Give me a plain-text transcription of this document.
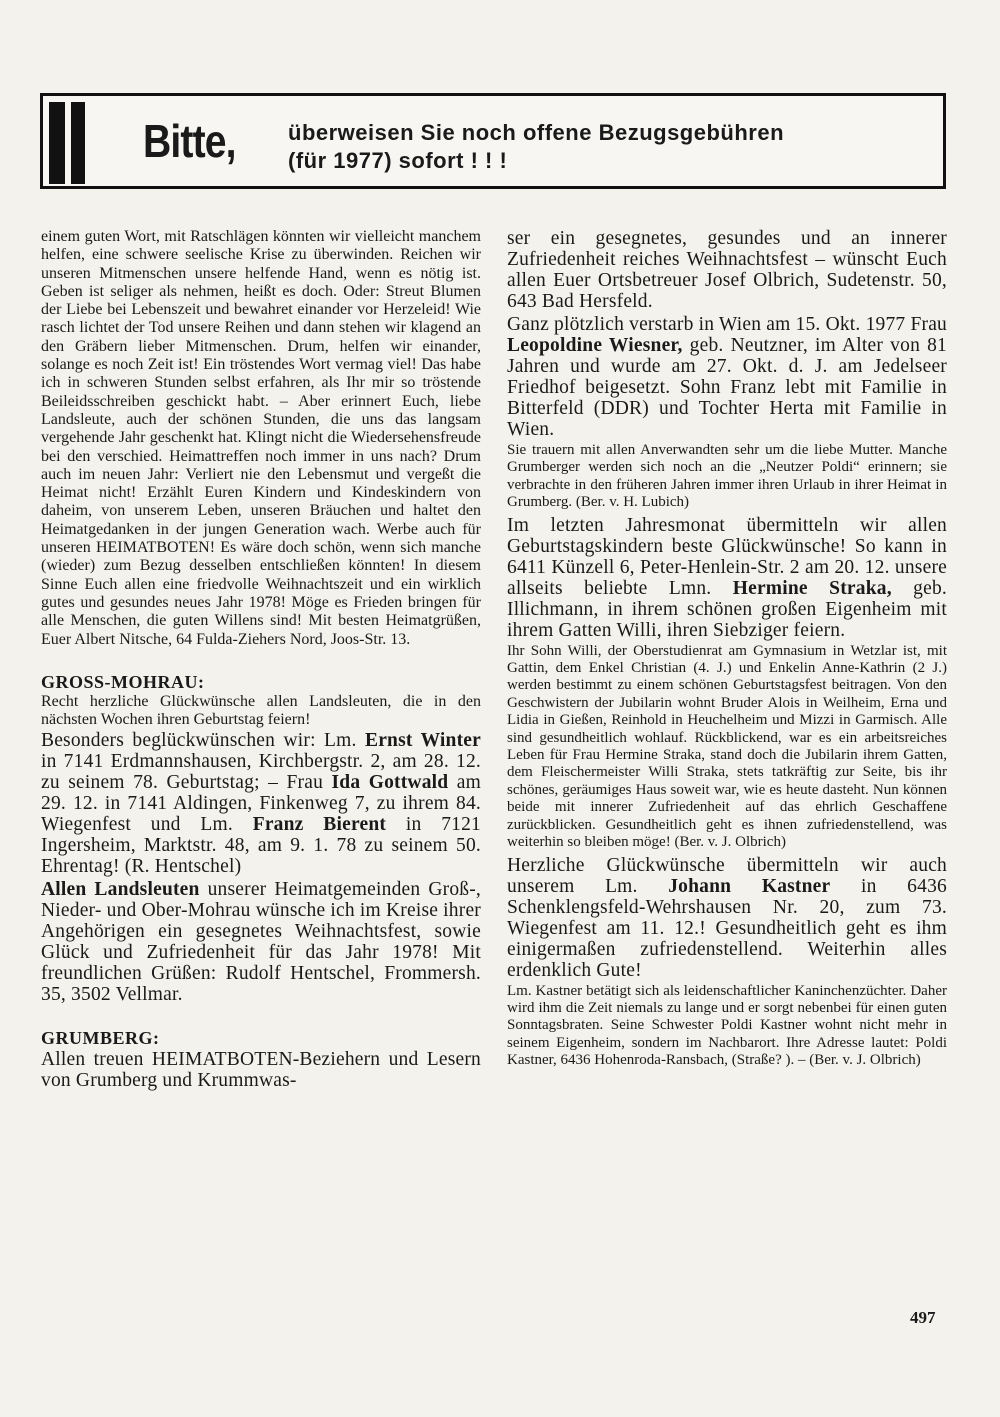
Bitte, überweisen Sie noch offene Bezugsgebühren
(für 1977) sofort ! ! !

einem guten Wort, mit Ratschlägen könnten wir vielleicht manchem helfen, eine schwere seelische Krise zu überwinden. Reichen wir unseren Mitmenschen unsere helfende Hand, wenn es nötig ist. Geben ist seliger als nehmen, heißt es doch. Oder: Streut Blumen der Liebe bei Lebenszeit und bewahret einander vor Herzeleid! Wie rasch lichtet der Tod unsere Reihen und dann stehen wir klagend an den Gräbern lieber Mitmenschen. Drum, helfen wir einander, solange es noch Zeit ist! Ein tröstendes Wort vermag viel! Das habe ich in schweren Stunden selbst erfahren, als Ihr mir so tröstende Beileidsschreiben geschickt habt. – Aber erinnert Euch, liebe Landsleute, auch der schönen Stunden, die uns das langsam vergehende Jahr geschenkt hat. Klingt nicht die Wiedersehensfreude bei den verschied. Heimattreffen noch immer in uns nach? Drum auch im neuen Jahr: Verliert nie den Lebensmut und vergeßt die Heimat nicht! Erzählt Euren Kindern und Kindeskindern von daheim, von unserem Leben, unseren Bräuchen und haltet den Heimatgedanken in der jungen Generation wach. Werbe auch für unseren HEIMATBOTEN! Es wäre doch schön, wenn sich manche (wieder) zum Bezug desselben entschließen könnten! In diesem Sinne Euch allen eine friedvolle Weihnachtszeit und ein wirklich gutes und gesundes neues Jahr 1978! Möge es Frieden bringen für alle Menschen, die guten Willens sind! Mit besten Heimatgrüßen, Euer Albert Nitsche, 64 Fulda-Ziehers Nord, Joos-Str. 13.

GROSS-MOHRAU:

Recht herzliche Glückwünsche allen Landsleuten, die in den nächsten Wochen ihren Geburtstag feiern!

Besonders beglückwünschen wir: Lm. Ernst Winter in 7141 Erdmannshausen, Kirchbergstr. 2, am 28. 12. zu seinem 78. Geburtstag; – Frau Ida Gottwald am 29. 12. in 7141 Aldingen, Finkenweg 7, zu ihrem 84. Wiegenfest und Lm. Franz Bierent in 7121 Ingersheim, Marktstr. 48, am 9. 1. 78 zu seinem 50. Ehrentag! (R. Hentschel)

Allen Landsleuten unserer Heimatgemeinden Groß-, Nieder- und Ober-Mohrau wünsche ich im Kreise ihrer Angehörigen ein gesegnetes Weihnachtsfest, sowie Glück und Zufriedenheit für das Jahr 1978! Mit freundlichen Grüßen: Rudolf Hentschel, Frommersh. 35, 3502 Vellmar.

GRUMBERG:

Allen treuen HEIMATBOTEN-Beziehern und Lesern von Grumberg und Krummwas-

ser ein gesegnetes, gesundes und an innerer Zufriedenheit reiches Weihnachtsfest – wünscht Euch allen Euer Ortsbetreuer Josef Olbrich, Sudetenstr. 50, 643 Bad Hersfeld.

Ganz plötzlich verstarb in Wien am 15. Okt. 1977 Frau Leopoldine Wiesner, geb. Neutzner, im Alter von 81 Jahren und wurde am 27. Okt. d. J. am Jedelseer Friedhof beigesetzt. Sohn Franz lebt mit Familie in Bitterfeld (DDR) und Tochter Herta mit Familie in Wien.

Sie trauern mit allen Anverwandten sehr um die liebe Mutter. Manche Grumberger werden sich noch an die „Neutzer Poldi“ erinnern; sie verbrachte in den früheren Jahren immer ihren Urlaub in ihrer Heimat in Grumberg. (Ber. v. H. Lubich)

Im letzten Jahresmonat übermitteln wir allen Geburtstagskindern beste Glückwünsche! So kann in 6411 Künzell 6, Peter-Henlein-Str. 2 am 20. 12. unsere allseits beliebte Lmn. Hermine Straka, geb. Illichmann, in ihrem schönen großen Eigenheim mit ihrem Gatten Willi, ihren Siebziger feiern.

Ihr Sohn Willi, der Oberstudienrat am Gymnasium in Wetzlar ist, mit Gattin, dem Enkel Christian (4. J.) und Enkelin Anne-Kathrin (2 J.) werden bestimmt zu einem schönen Geburtstagsfest beitragen. Von den Geschwistern der Jubilarin wohnt Bruder Alois in Weilheim, Erna und Lidia in Gießen, Reinhold in Heuchelheim und Mizzi in Garmisch. Alle sind gesundheitlich wohlauf. Rückblickend, war es ein arbeitsreiches Leben für Frau Hermine Straka, stand doch die Jubilarin ihrem Gatten, dem Fleischermeister Willi Straka, stets tatkräftig zur Seite, bis ihr schönes, geräumiges Haus soweit war, wie es heute dasteht. Nun können beide mit innerer Zufriedenheit auf das ehrlich Geschaffene zurückblicken. Gesundheitlich geht es ihnen zufriedenstellend, was weiterhin so bleiben möge! (Ber. v. J. Olbrich)

Herzliche Glückwünsche übermitteln wir auch unserem Lm. Johann Kastner in 6436 Schenklengsfeld-Wehrshausen Nr. 20, zum 73. Wiegenfest am 11. 12.! Gesundheitlich geht es ihm einigermaßen zufriedenstellend. Weiterhin alles erdenklich Gute!

Lm. Kastner betätigt sich als leidenschaftlicher Kaninchenzüchter. Daher wird ihm die Zeit niemals zu lange und er sorgt nebenbei für einen guten Sonntagsbraten. Seine Schwester Poldi Kastner wohnt nicht mehr in seinem Eigenheim, sondern im Nachbarort. Ihre Adresse lautet: Poldi Kastner, 6436 Hohenroda-Ransbach, (Straße? ). – (Ber. v. J. Olbrich)

497
